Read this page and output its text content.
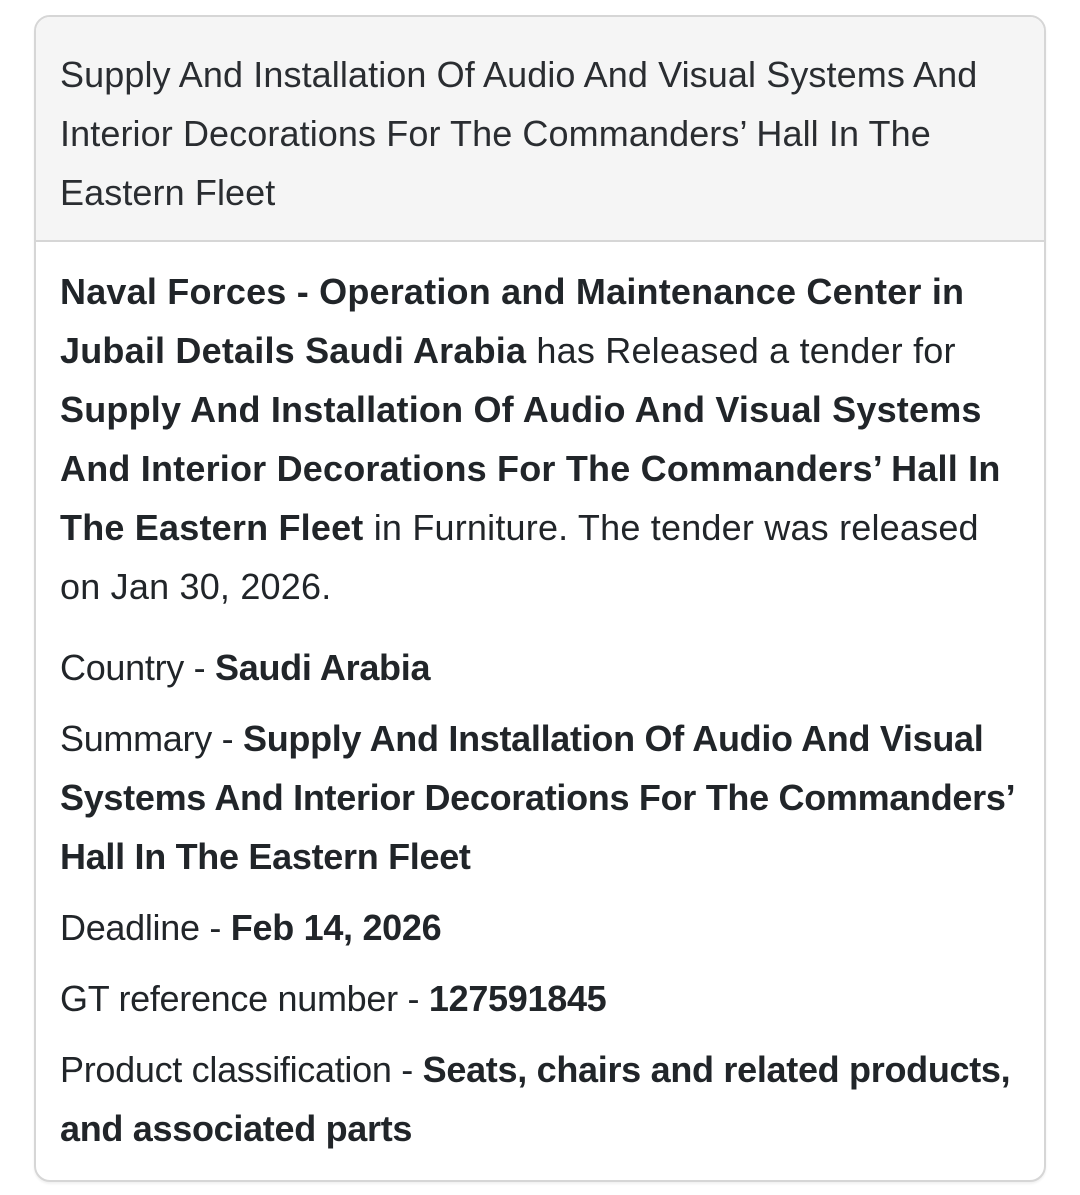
Supply And Installation Of Audio And Visual Systems And Interior Decorations For The Commanders’ Hall In The Eastern Fleet

Naval Forces - Operation and Maintenance Center in Jubail Details Saudi Arabia has Released a tender for Supply And Installation Of Audio And Visual Systems And Interior Decorations For The Commanders’ Hall In The Eastern Fleet in Furniture. The tender was released on Jan 30, 2026.

Country - Saudi Arabia
Summary - Supply And Installation Of Audio And Visual Systems And Interior Decorations For The Commanders’ Hall In The Eastern Fleet
Deadline - Feb 14, 2026
GT reference number - 127591845
Product classification - Seats, chairs and related products, and associated parts
